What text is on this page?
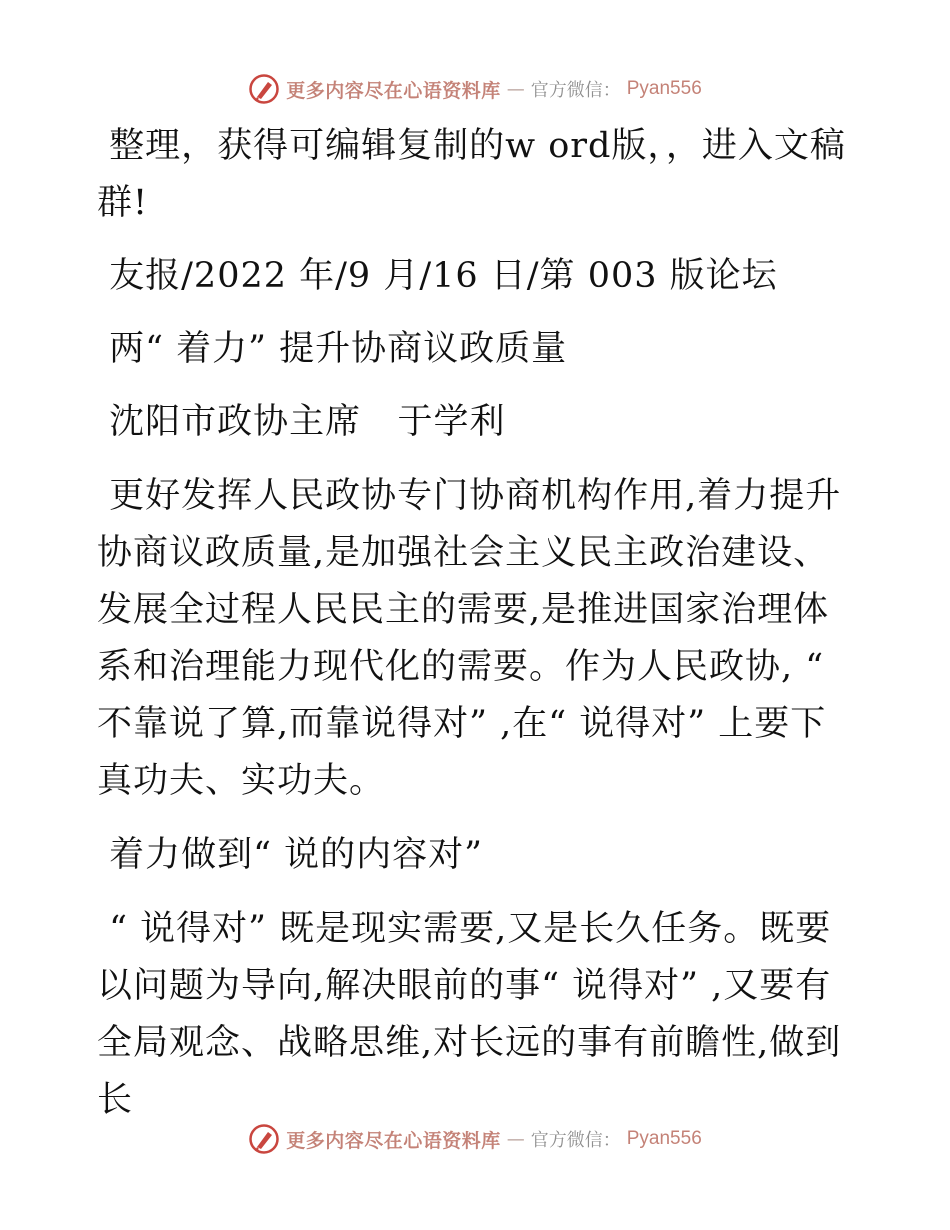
更多内容尽在心语资料库 — 官方微信： Pyan556

整理，获得可编辑复制的w ord版，，进入文稿群!

友报/2022 年/9 月/16 日/第 003 版论坛

两“ 着力” 提升协商议政质量

沈阳市政协主席   于学利

更好发挥人民政协专门协商机构作用,着力提升协商议政质量,是加强社会主义民主政治建设、发展全过程人民民主的需要,是推进国家治理体系和治理能力现代化的需要。作为人民政协, “ 不靠说了算,而靠说得对” ,在“ 说得对” 上要下真功夫、实功夫。

着力做到“ 说的内容对”

“ 说得对” 既是现实需要,又是长久任务。既要以问题为导向,解决眼前的事“ 说得对” ,又要有全局观念、战略思维,对长远的事有前瞻性,做到长

更多内容尽在心语资料库 — 官方微信： Pyan556
